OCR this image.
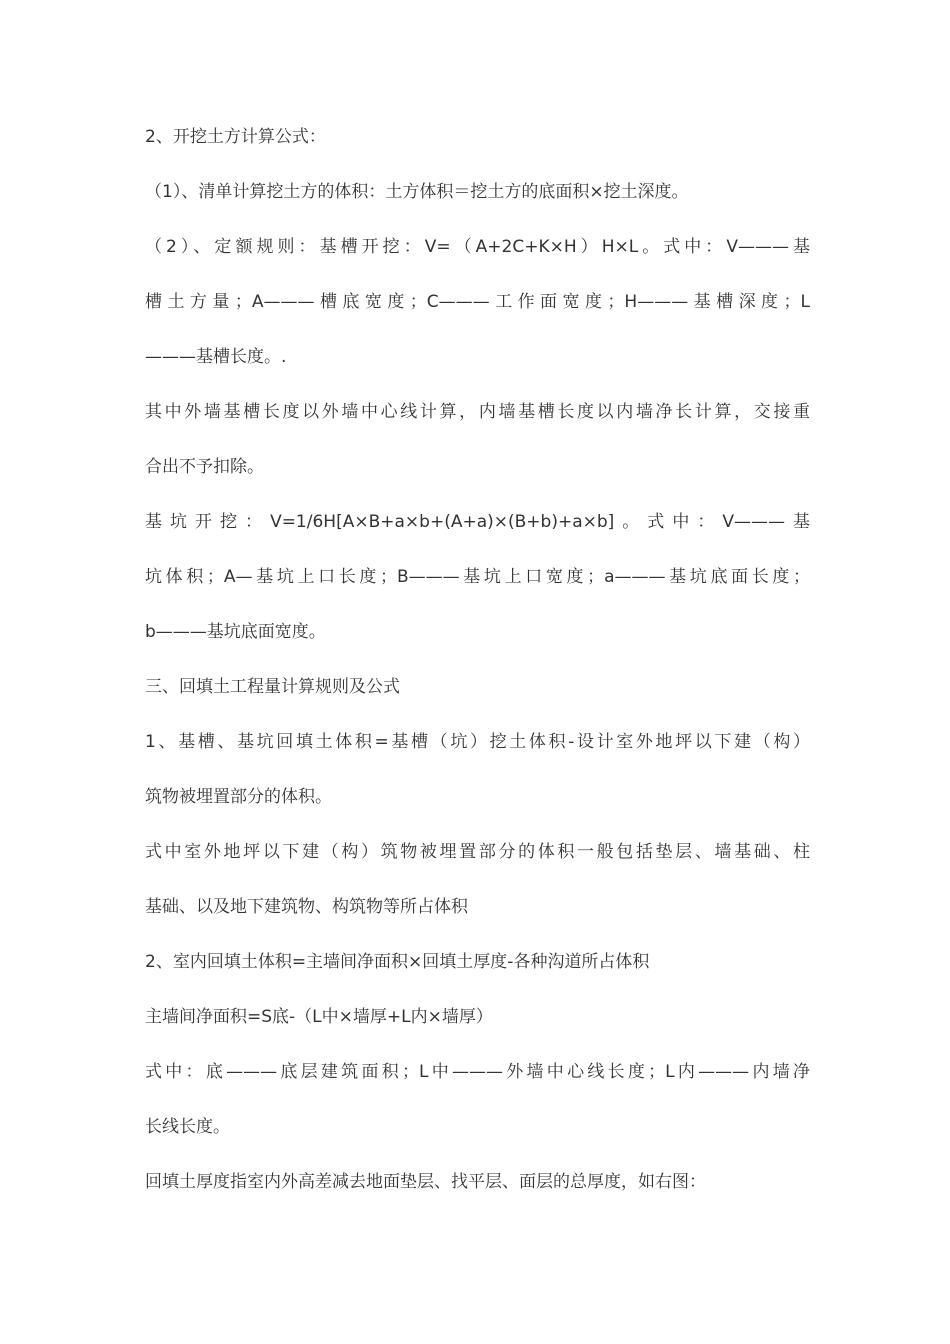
2、开挖土方计算公式：
（1）、清单计算挖土方的体积：土方体积＝挖土方的底面积×挖土深度。
（2）、定额规则：基槽开挖：V=（A+2C+K×H）H×L。式中：V———基
槽土方量；A———槽底宽度；C———工作面宽度；H———基槽深度；L
———基槽长度。.
其中外墙基槽长度以外墙中心线计算，内墙基槽长度以内墙净长计算，交接重
合出不予扣除。
基坑开挖：V=1/6H[A×B+a×b+(A+a)×(B+b)+a×b]。式中：V———基
坑体积；A—基坑上口长度；B———基坑上口宽度；a———基坑底面长度；
b———基坑底面宽度。
三、回填土工程量计算规则及公式
1、基槽、基坑回填土体积=基槽（坑）挖土体积-设计室外地坪以下建（构）
筑物被埋置部分的体积。
式中室外地坪以下建（构）筑物被埋置部分的体积一般包括垫层、墙基础、柱
基础、以及地下建筑物、构筑物等所占体积
2、室内回填土体积=主墙间净面积×回填土厚度-各种沟道所占体积
主墙间净面积=S底-（L中×墙厚+L内×墙厚）
式中：底———底层建筑面积；L中———外墙中心线长度；L内———内墙净
长线长度。
回填土厚度指室内外高差减去地面垫层、找平层、面层的总厚度，如右图：
